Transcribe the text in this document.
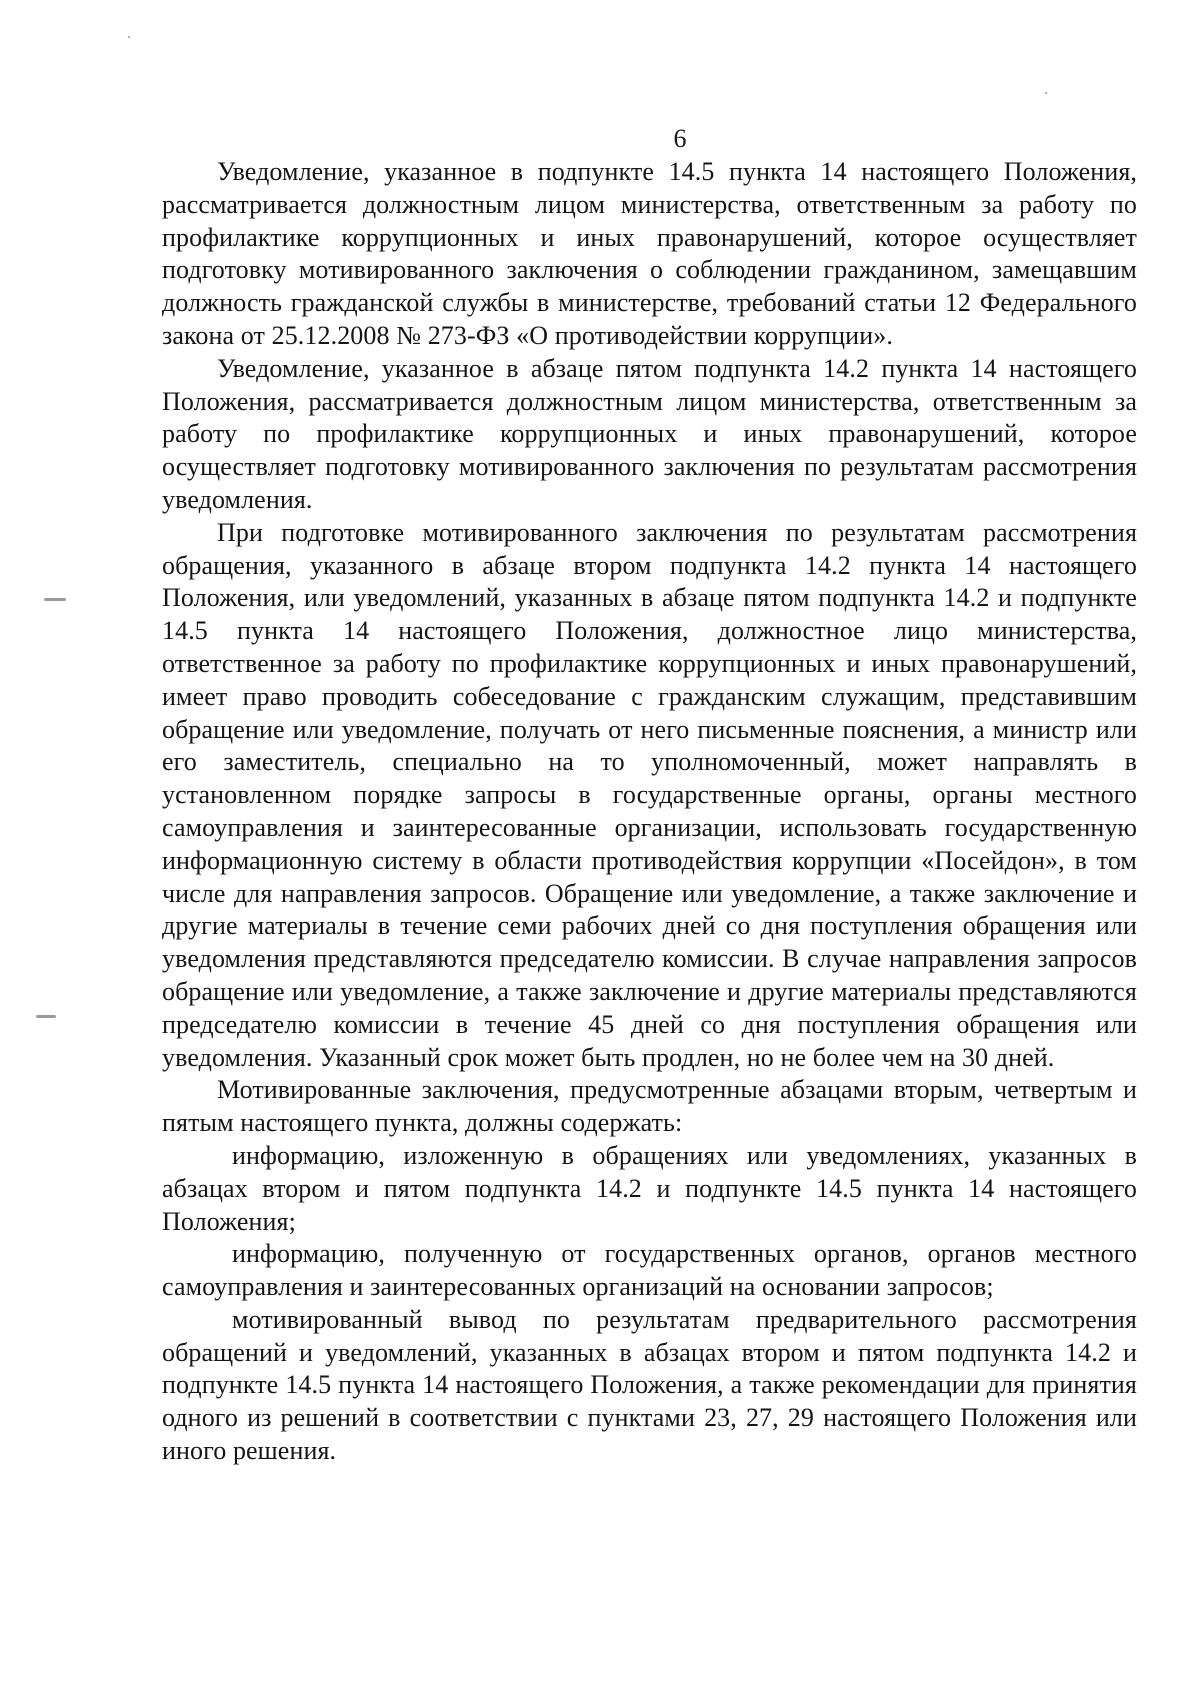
6

Уведомление, указанное в подпункте 14.5 пункта 14 настоящего Положения, рассматривается должностным лицом министерства, ответственным за работу по профилактике коррупционных и иных правонарушений, которое осуществляет подготовку мотивированного заключения о соблюдении гражданином, замещавшим должность гражданской службы в министерстве, требований статьи 12 Федерального закона от 25.12.2008 № 273-ФЗ «О противодействии коррупции».

Уведомление, указанное в абзаце пятом подпункта 14.2 пункта 14 настоящего Положения, рассматривается должностным лицом министерства, ответственным за работу по профилактике коррупционных и иных правонарушений, которое осуществляет подготовку мотивированного заключения по результатам рассмотрения уведомления.

При подготовке мотивированного заключения по результатам рассмотрения обращения, указанного в абзаце втором подпункта 14.2 пункта 14 настоящего Положения, или уведомлений, указанных в абзаце пятом подпункта 14.2 и подпункте 14.5 пункта 14 настоящего Положения, должностное лицо министерства, ответственное за работу по профилактике коррупционных и иных правонарушений, имеет право проводить собеседование с гражданским служащим, представившим обращение или уведомление, получать от него письменные пояснения, а министр или его заместитель, специально на то уполномоченный, может направлять в установленном порядке запросы в государственные органы, органы местного самоуправления и заинтересованные организации, использовать государственную информационную систему в области противодействия коррупции «Посейдон», в том числе для направления запросов. Обращение или уведомление, а также заключение и другие материалы в течение семи рабочих дней со дня поступления обращения или уведомления представляются председателю комиссии. В случае направления запросов обращение или уведомление, а также заключение и другие материалы представляются председателю комиссии в течение 45 дней со дня поступления обращения или уведомления. Указанный срок может быть продлен, но не более чем на 30 дней.

Мотивированные заключения, предусмотренные абзацами вторым, четвертым и пятым настоящего пункта, должны содержать:

информацию, изложенную в обращениях или уведомлениях, указанных в абзацах втором и пятом подпункта 14.2 и подпункте 14.5 пункта 14 настоящего Положения;

информацию, полученную от государственных органов, органов местного самоуправления и заинтересованных организаций на основании запросов;

мотивированный вывод по результатам предварительного рассмотрения обращений и уведомлений, указанных в абзацах втором и пятом подпункта 14.2 и подпункте 14.5 пункта 14 настоящего Положения, а также рекомендации для принятия одного из решений в соответствии с пунктами 23, 27, 29 настоящего Положения или иного решения.
